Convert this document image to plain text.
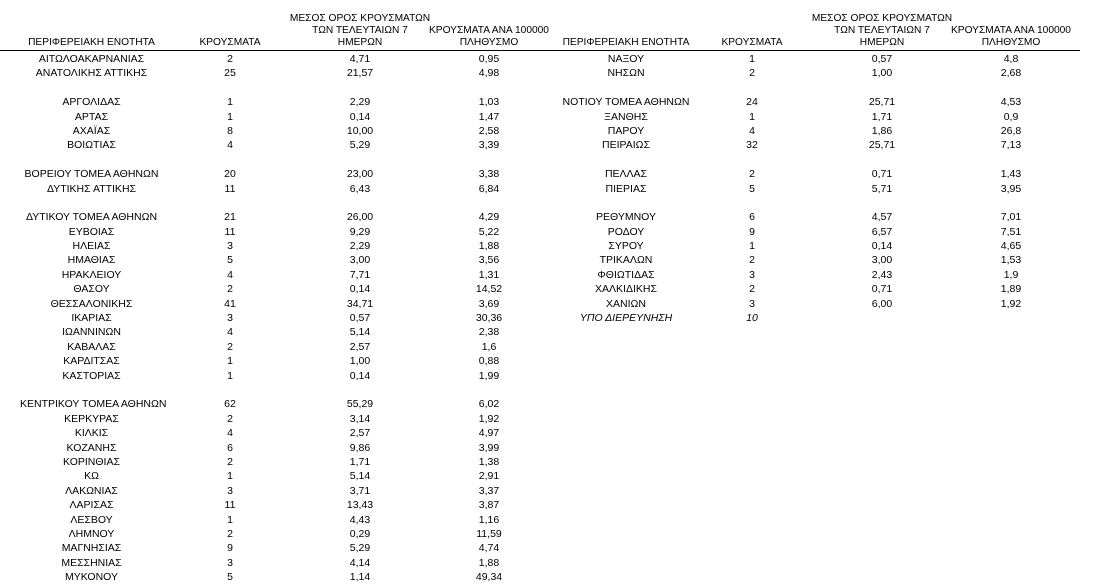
ΠΕΡΙΦΕΡΕΙΑΚΗ ΕΝΟΤΗΤΑ	ΚΡΟΥΣΜΑΤΑ
ΜΕΣΟΣ ΟΡΟΣ ΚΡΟΥΣΜΑΤΩΝ
ΤΩΝ ΤΕΛΕΥΤΑΙΩΝ 7
ΗΜΕΡΩΝ
ΚΡΟΥΣΜΑΤΑ ΑΝΑ 100000
ΠΛΗΘΥΣΜΟ
ΑΙΤΩΛΟΑΚΑΡΝΑΝΙΑΣ	2	4,71	0,95
ΑΝΑΤΟΛΙΚΗΣ ΑΤΤΙΚΗΣ	25	21,57	4,98
ΑΡΓΟΛΙΔΑΣ	1	2,29	1,03
ΑΡΤΑΣ	1	0,14	1,47
ΑΧΑΪΑΣ	8	10,00	2,58
ΒΟΙΩΤΙΑΣ	4	5,29	3,39
ΒΟΡΕΙΟΥ ΤΟΜΕΑ ΑΘΗΝΩΝ	20	23,00	3,38
ΔΥΤΙΚΗΣ ΑΤΤΙΚΗΣ	11	6,43	6,84
ΔΥΤΙΚΟΥ ΤΟΜΕΑ ΑΘΗΝΩΝ	21	26,00	4,29
ΕΥΒΟΙΑΣ	11	9,29	5,22
ΗΛΕΙΑΣ	3	2,29	1,88
ΗΜΑΘΙΑΣ	5	3,00	3,56
ΗΡΑΚΛΕΙΟΥ	4	7,71	1,31
ΘΑΣΟΥ	2	0,14	14,52
ΘΕΣΣΑΛΟΝΙΚΗΣ	41	34,71	3,69
ΙΚΑΡΙΑΣ	3	0,57	30,36
ΙΩΑΝΝΙΝΩΝ	4	5,14	2,38
ΚΑΒΑΛΑΣ	2	2,57	1,6
ΚΑΡΔΙΤΣΑΣ	1	1,00	0,88
ΚΑΣΤΟΡΙΑΣ	1	0,14	1,99
ΚΕΝΤΡΙΚΟΥ ΤΟΜΕΑ ΑΘΗΝΩΝ	62	55,29	6,02
ΚΕΡΚΥΡΑΣ	2	3,14	1,92
ΚΙΛΚΙΣ	4	2,57	4,97
ΚΟΖΑΝΗΣ	6	9,86	3,99
ΚΟΡΙΝΘΙΑΣ	2	1,71	1,38
ΚΩ	1	5,14	2,91
ΛΑΚΩΝΙΑΣ	3	3,71	3,37
ΛΑΡΙΣΑΣ	11	13,43	3,87
ΛΕΣΒΟΥ	1	4,43	1,16
ΛΗΜΝΟΥ	2	0,29	11,59
ΜΑΓΝΗΣΙΑΣ	9	5,29	4,74
ΜΕΣΣΗΝΙΑΣ	3	4,14	1,88
ΜΥΚΟΝΟΥ	5	1,14	49,34
ΠΕΡΙΦΕΡΕΙΑΚΗ ΕΝΟΤΗΤΑ	ΚΡΟΥΣΜΑΤΑ
ΜΕΣΟΣ ΟΡΟΣ ΚΡΟΥΣΜΑΤΩΝ
ΤΩΝ ΤΕΛΕΥΤΑΙΩΝ 7
ΗΜΕΡΩΝ
ΚΡΟΥΣΜΑΤΑ ΑΝΑ 100000
ΠΛΗΘΥΣΜΟ
ΝΑΞΟΥ	1	0,57	4,8
ΝΗΣΩΝ	2	1,00	2,68
ΝΟΤΙΟΥ ΤΟΜΕΑ ΑΘΗΝΩΝ	24	25,71	4,53
ΞΑΝΘΗΣ	1	1,71	0,9
ΠΑΡΟΥ	4	1,86	26,8
ΠΕΙΡΑΙΩΣ	32	25,71	7,13
ΠΕΛΛΑΣ	2	0,71	1,43
ΠΙΕΡΙΑΣ	5	5,71	3,95
ΡΕΘΥΜΝΟΥ	6	4,57	7,01
ΡΟΔΟΥ	9	6,57	7,51
ΣΥΡΟΥ	1	0,14	4,65
ΤΡΙΚΑΛΩΝ	2	3,00	1,53
ΦΘΙΩΤΙΔΑΣ	3	2,43	1,9
ΧΑΛΚΙΔΙΚΗΣ	2	0,71	1,89
ΧΑΝΙΩΝ	3	6,00	1,92
ΥΠΟ ΔΙΕΡΕΥΝΗΣΗ	10
